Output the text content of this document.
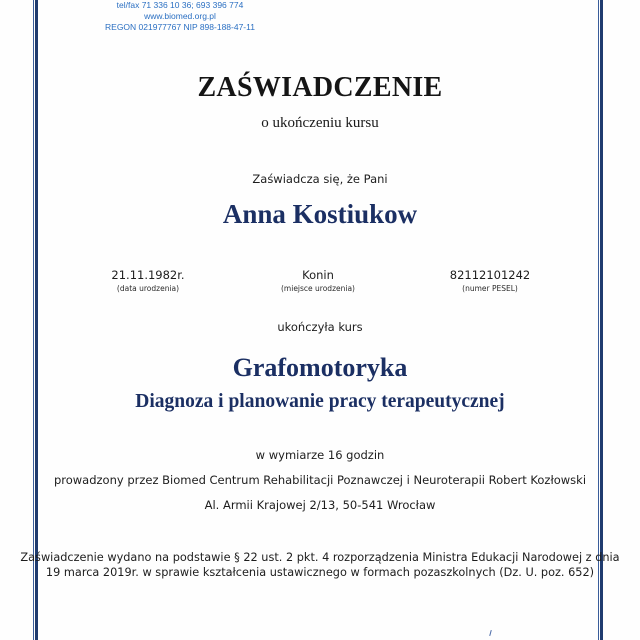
tel/fax 71 336 10 36; 693 396 774
www.biomed.org.pl
REGON 021977767 NIP 898-188-47-11
ZAŚWIADCZENIE
o ukończeniu kursu
Zaświadcza się, że Pani
Anna Kostiukow
21.11.1982r.
(data urodzenia)
Konin
(miejsce urodzenia)
82112101242
(numer PESEL)
ukończyła kurs
Grafomotoryka
Diagnoza i planowanie pracy terapeutycznej
w wymiarze 16 godzin
prowadzony przez Biomed Centrum Rehabilitacji Poznawczej i Neuroterapii Robert Kozłowski
Al. Armii Krajowej 2/13, 50-541 Wrocław
Zaświadczenie wydano na podstawie § 22 ust. 2 pkt. 4 rozporządzenia Ministra Edukacji Narodowej z dnia
19 marca 2019r. w sprawie kształcenia ustawicznego w formach pozaszkolnych (Dz. U. poz. 652)
